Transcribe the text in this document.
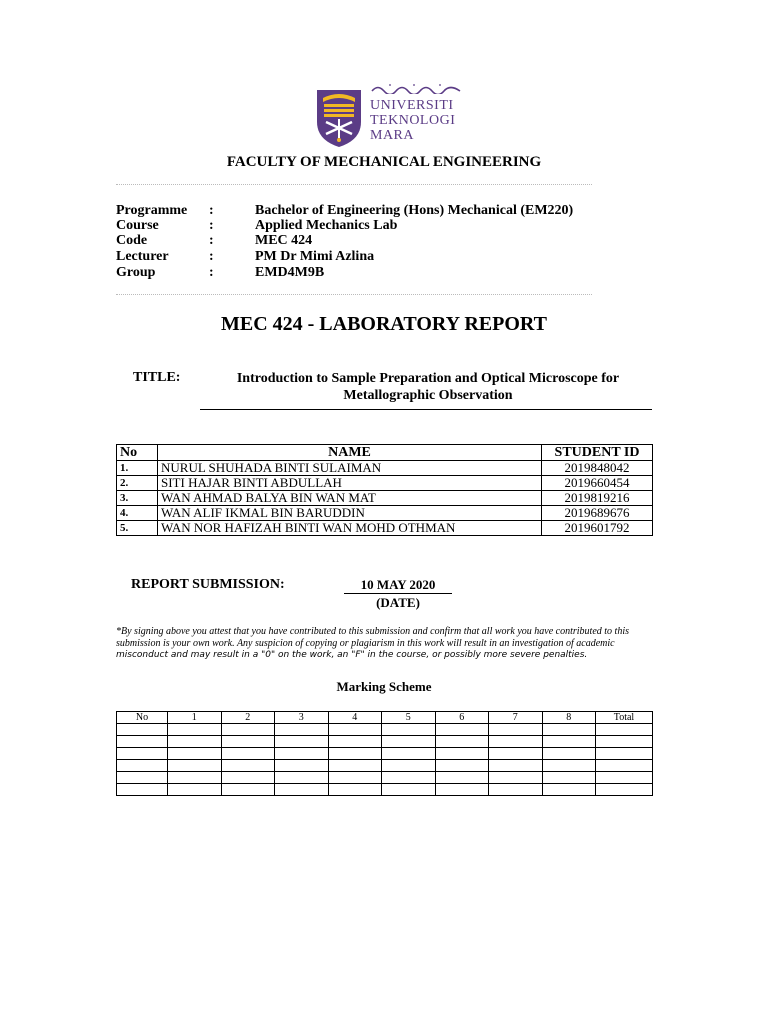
UNIVERSITI
TEKNOLOGI
MARA
FACULTY OF MECHANICAL ENGINEERING
Programme :	Bachelor of Engineering (Hons) Mechanical (EM220)
Course	:	Applied Mechanics Lab
Code	:	MEC 424
Lecturer	:	PM Dr Mimi Azlina
Group	:	EMD4M9B
MEC 424 - LABORATORY REPORT
TITLE:	Introduction to Sample Preparation and Optical Microscope for Metallographic Observation
No	NAME	STUDENT ID
1.	NURUL SHUHADA BINTI SULAIMAN	2019848042
2.	SITI HAJAR BINTI ABDULLAH	2019660454
3.	WAN AHMAD BALYA BIN WAN MAT	2019819216
4.	WAN ALIF IKMAL BIN BARUDDIN	2019689676
5.	WAN NOR HAFIZAH BINTI WAN MOHD OTHMAN	2019601792
REPORT SUBMISSION:	10 MAY 2020
(DATE)
*By signing above you attest that you have contributed to this submission and confirm that all work you have contributed to this submission is your own work. Any suspicion of copying or plagiarism in this work will result in an investigation of academic misconduct and may result in a "0" on the work, an "F" in the course, or possibly more severe penalties.
Marking Scheme
No	1	2	3	4	5	6	7	8	Total
